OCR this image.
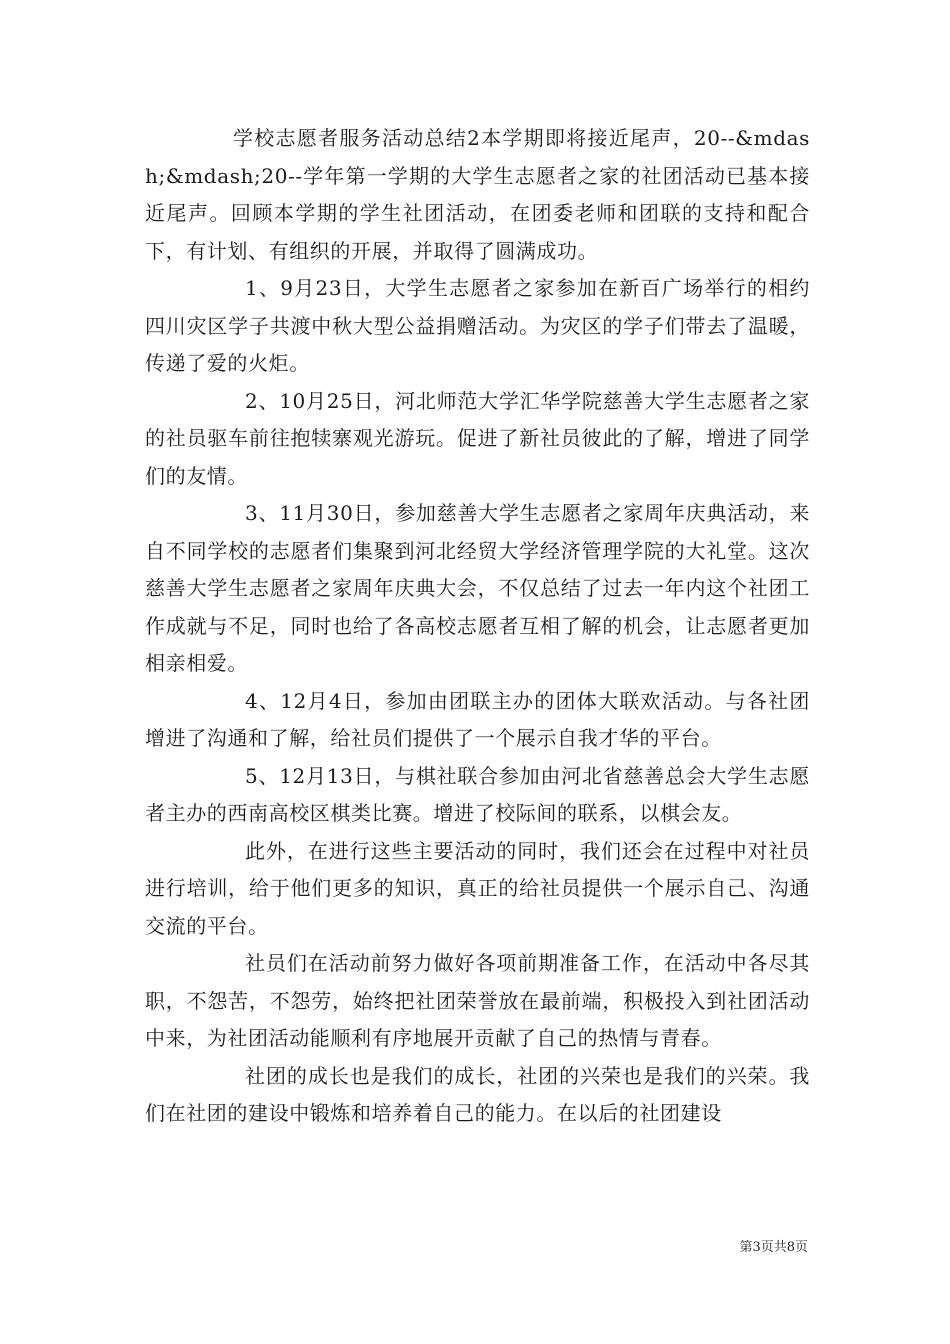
学校志愿者服务活动总结2本学期即将接近尾声，20--&mdash;&mdash;20--学年第一学期的大学生志愿者之家的社团活动已基本接近尾声。回顾本学期的学生社团活动，在团委老师和团联的支持和配合下，有计划、有组织的开展，并取得了圆满成功。

1、9月23日，大学生志愿者之家参加在新百广场举行的相约四川灾区学子共渡中秋大型公益捐赠活动。为灾区的学子们带去了温暖，传递了爱的火炬。

2、10月25日，河北师范大学汇华学院慈善大学生志愿者之家的社员驱车前往抱犊寨观光游玩。促进了新社员彼此的了解，增进了同学们的友情。

3、11月30日，参加慈善大学生志愿者之家周年庆典活动，来自不同学校的志愿者们集聚到河北经贸大学经济管理学院的大礼堂。这次慈善大学生志愿者之家周年庆典大会，不仅总结了过去一年内这个社团工作成就与不足，同时也给了各高校志愿者互相了解的机会，让志愿者更加相亲相爱。

4、12月4日，参加由团联主办的团体大联欢活动。与各社团增进了沟通和了解，给社员们提供了一个展示自我才华的平台。

5、12月13日，与棋社联合参加由河北省慈善总会大学生志愿者主办的西南高校区棋类比赛。增进了校际间的联系，以棋会友。

此外，在进行这些主要活动的同时，我们还会在过程中对社员进行培训，给于他们更多的知识，真正的给社员提供一个展示自己、沟通交流的平台。

社员们在活动前努力做好各项前期准备工作，在活动中各尽其职，不怨苦，不怨劳，始终把社团荣誉放在最前端，积极投入到社团活动中来，为社团活动能顺利有序地展开贡献了自己的热情与青春。

社团的成长也是我们的成长，社团的兴荣也是我们的兴荣。我们在社团的建设中锻炼和培养着自己的能力。在以后的社团建设

第3页共8页
